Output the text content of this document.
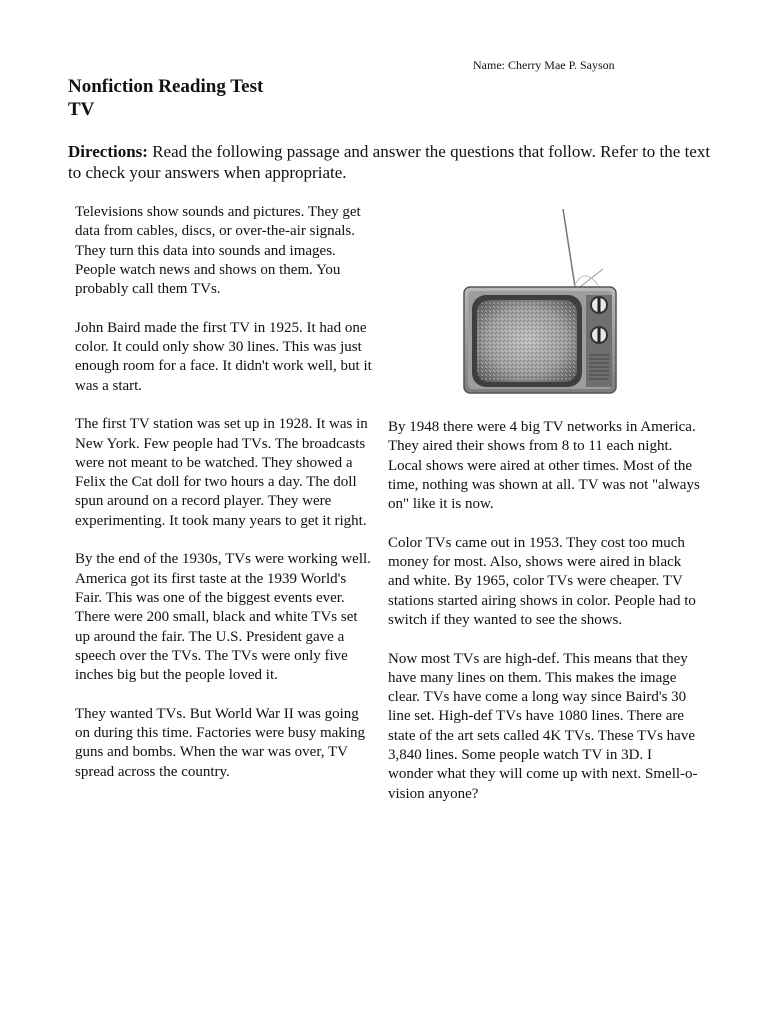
Name: Cherry Mae P. Sayson
Nonfiction Reading Test
TV
Directions: Read the following passage and answer the questions that follow. Refer to the text to check your answers when appropriate.

Televisions show sounds and pictures. They get data from cables, discs, or over-the-air signals. They turn this data into sounds and images. People watch news and shows on them. You probably call them TVs.

John Baird made the first TV in 1925. It had one color. It could only show 30 lines. This was just enough room for a face. It didn't work well, but it was a start.

The first TV station was set up in 1928. It was in New York. Few people had TVs. The broadcasts were not meant to be watched. They showed a Felix the Cat doll for two hours a day. The doll spun around on a record player. They were experimenting. It took many years to get it right.

By the end of the 1930s, TVs were working well. America got its first taste at the 1939 World's Fair. This was one of the biggest events ever. There were 200 small, black and white TVs set up around the fair. The U.S. President gave a speech over the TVs. The TVs were only five inches big but the people loved it.

They wanted TVs. But World War II was going on during this time. Factories were busy making guns and bombs. When the war was over, TV spread across the country.

By 1948 there were 4 big TV networks in America. They aired their shows from 8 to 11 each night. Local shows were aired at other times. Most of the time, nothing was shown at all. TV was not "always on" like it is now.

Color TVs came out in 1953. They cost too much money for most. Also, shows were aired in black and white. By 1965, color TVs were cheaper. TV stations started airing shows in color. People had to switch if they wanted to see the shows.

Now most TVs are high-def. This means that they have many lines on them. This makes the image clear. TVs have come a long way since Baird's 30 line set. High-def TVs have 1080 lines. There are state of the art sets called 4K TVs. These TVs have 3,840 lines. Some people watch TV in 3D. I wonder what they will come up with next. Smell-o-vision anyone?
